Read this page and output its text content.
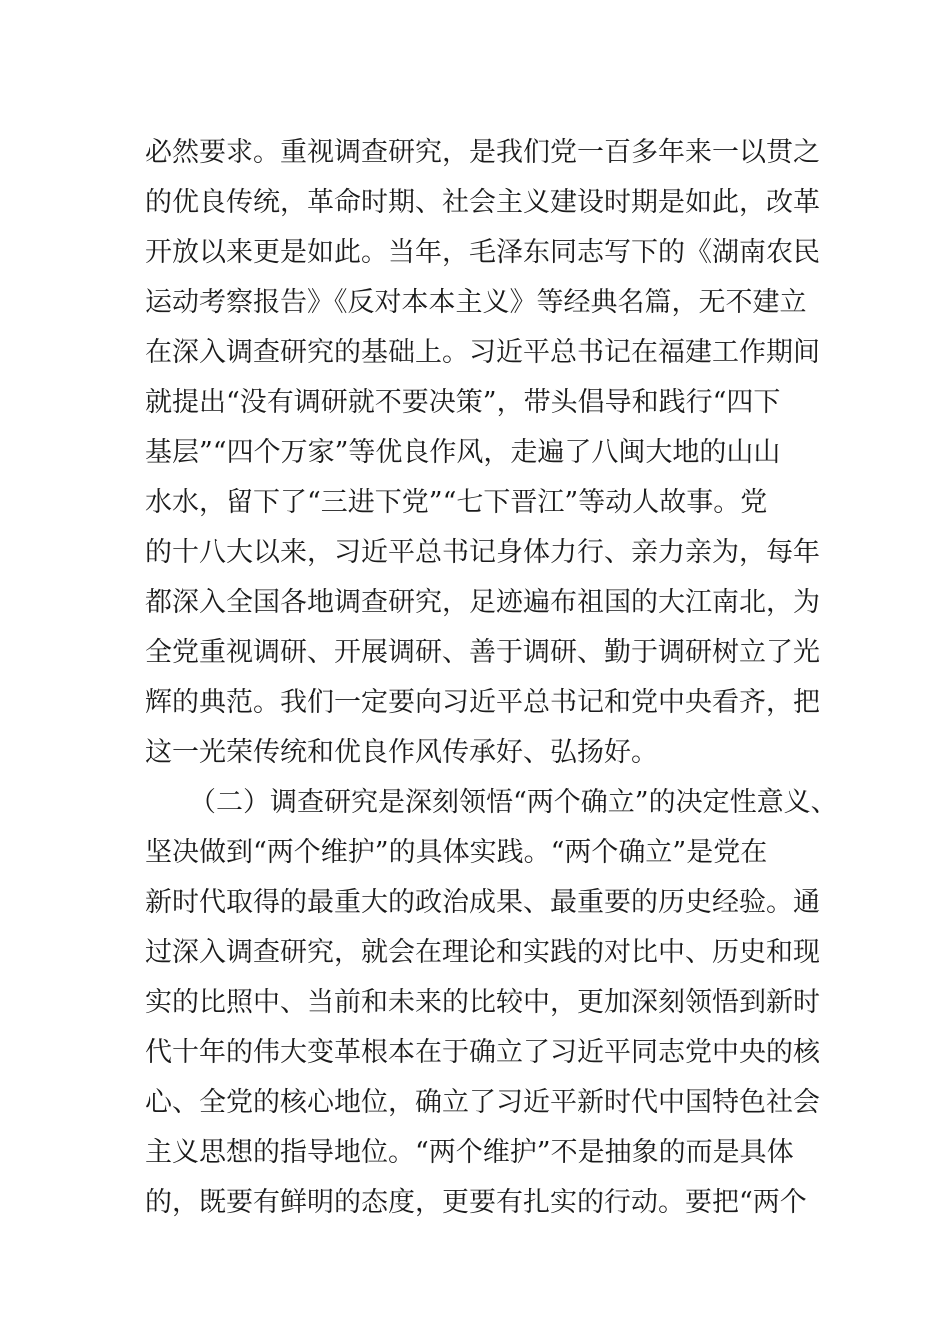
必然要求。重视调查研究，是我们党一百多年来一以贯之
的优良传统，革命时期、社会主义建设时期是如此，改革
开放以来更是如此。当年，毛泽东同志写下的《湖南农民
运动考察报告》《反对本本主义》等经典名篇，无不建立
在深入调查研究的基础上。习近平总书记在福建工作期间
就提出“没有调研就不要决策”，带头倡导和践行“四下
基层”“四个万家”等优良作风，走遍了八闽大地的山山
水水，留下了“三进下党”“七下晋江”等动人故事。党
的十八大以来，习近平总书记身体力行、亲力亲为，每年
都深入全国各地调查研究，足迹遍布祖国的大江南北，为
全党重视调研、开展调研、善于调研、勤于调研树立了光
辉的典范。我们一定要向习近平总书记和党中央看齐，把
这一光荣传统和优良作风传承好、弘扬好。
（二）调查研究是深刻领悟“两个确立”的决定性意义、
坚决做到“两个维护”的具体实践。“两个确立”是党在
新时代取得的最重大的政治成果、最重要的历史经验。通
过深入调查研究，就会在理论和实践的对比中、历史和现
实的比照中、当前和未来的比较中，更加深刻领悟到新时
代十年的伟大变革根本在于确立了习近平同志党中央的核
心、全党的核心地位，确立了习近平新时代中国特色社会
主义思想的指导地位。“两个维护”不是抽象的而是具体
的，既要有鲜明的态度，更要有扎实的行动。要把“两个
